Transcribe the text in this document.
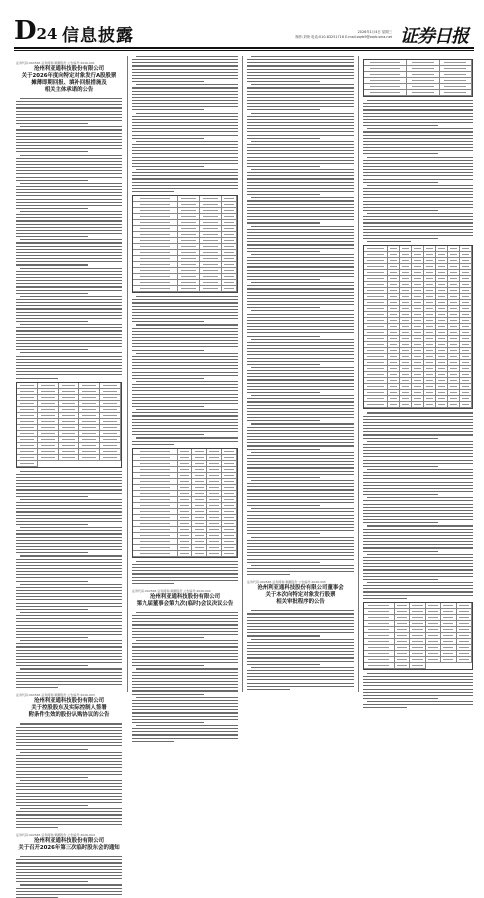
D24 信息披露	2026年1月4日 星期三
制作:刘荣 电话:010-83251716 E-mail:zqrb9@zqrb.sina.net 证券日报
证券代码:002565 证券简称:顺灏股份 公告编号:2026-001
沧州利亚通科技股份有限公司
关于2026年度向特定对象发行A股股票
摊薄即期回报、填补回报措施及
相关主体承诺的公告
证券代码:002565 证券简称:顺灏股份 公告编号:2026-003
沧州利亚通科技股份有限公司
关于控股股东及实际控制人签署
附条件生效的股份认购协议的公告
证券代码:002565 证券简称:顺灏股份 公告编号:2026-004
沧州利亚通科技股份有限公司
关于召开2026年第三次临时股东会的通知
证券代码:002565 证券简称:顺灏股份 公告编号:2026-002
沧州利亚通科技股份有限公司
第九届董事会第九次(临时)会议决议公告
证券代码:002565 证券简称:顺灏股份 公告编号:2026-005
沧州利亚通科技股份有限公司董事会
关于本次向特定对象发行股票
相关审批程序的公告
